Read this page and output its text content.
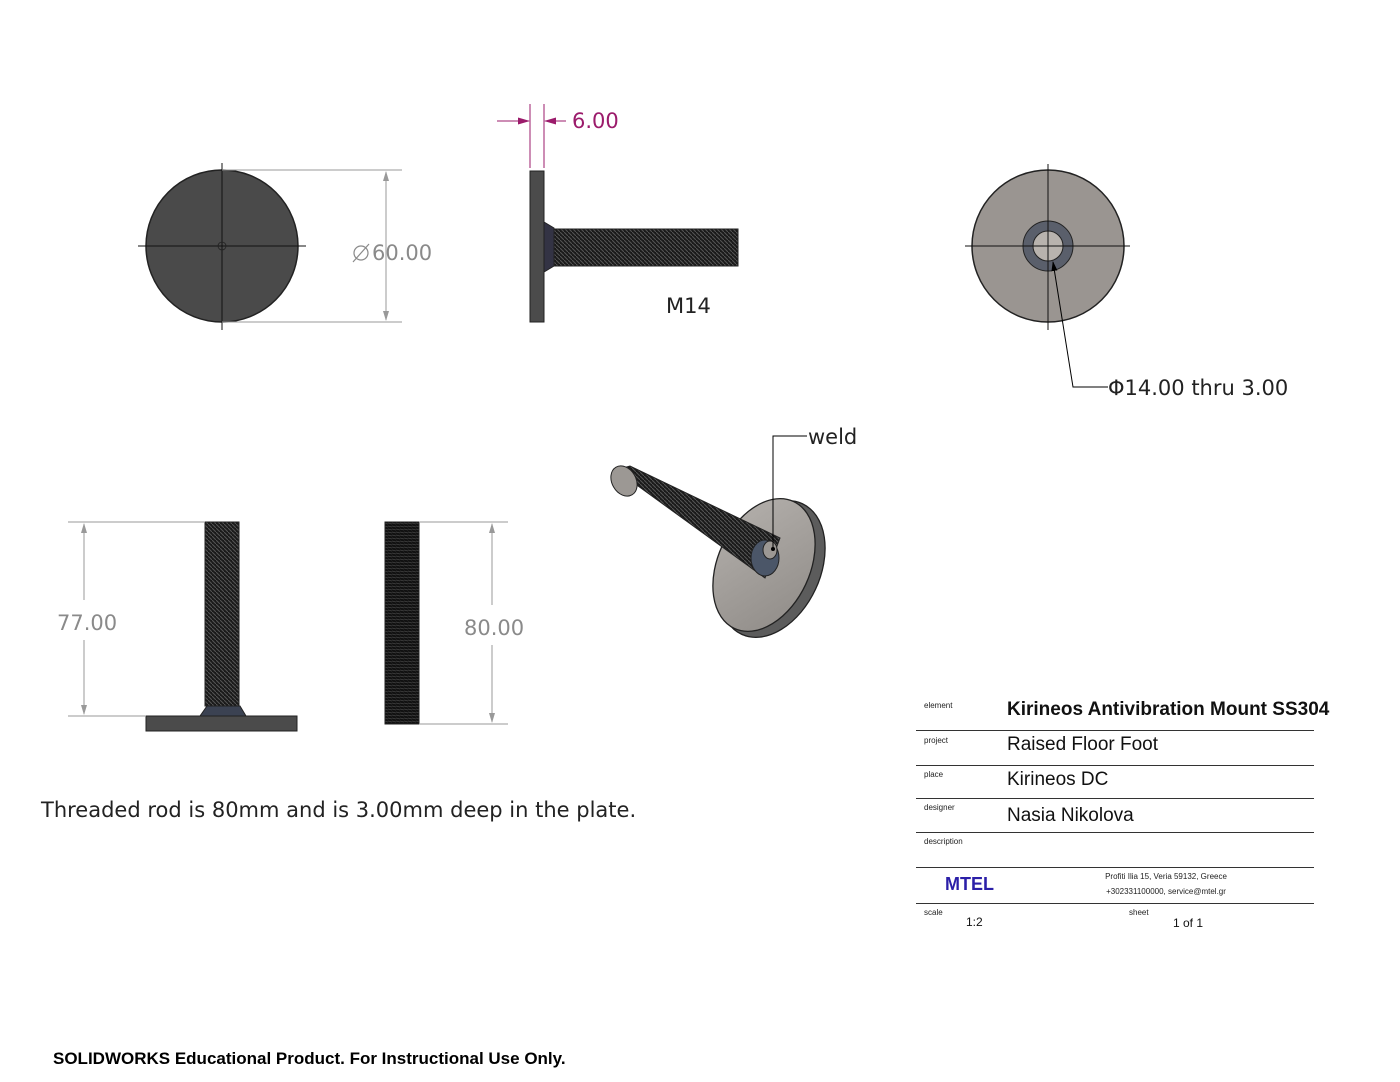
60.00
6.00
M14
Φ14.00 thru 3.00
weld
77.00	80.00
Threaded rod is 80mm and is 3.00mm deep in the plate.
element	Kirineos Antivibration Mount SS304
project	Raised Floor Foot
place	Kirineos DC
designer	Nasia Nikolova
description
MTEL	Profiti Ilia 15, Veria 59132, Greece
+302331100000, service@mtel.gr
scale
1:2
sheet
1 of 1
SOLIDWORKS Educational Product. For Instructional Use Only.
